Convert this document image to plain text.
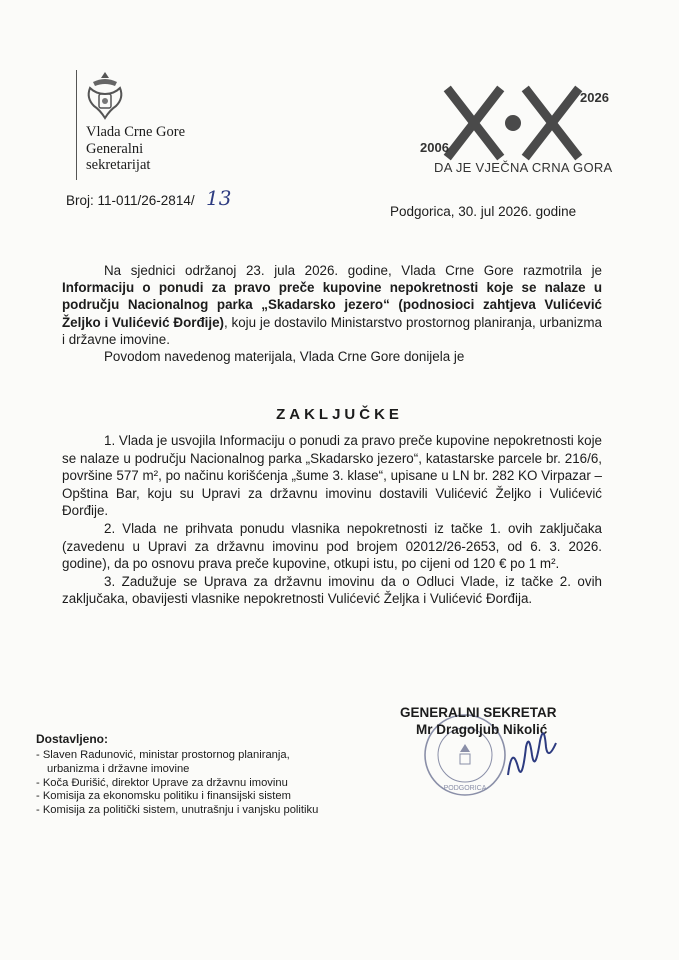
Vlada Crne Gore
Generalni
sekretarijat
2006
2026
DA JE VJEČNA CRNA GORA
Broj: 11-011/26-2814/ 13
Podgorica, 30. jul 2026. godine
Na sjednici održanoj 23. jula 2026. godine, Vlada Crne Gore razmotrila je Informaciju o ponudi za pravo preče kupovine nepokretnosti koje se nalaze u području Nacionalnog parka „Skadarsko jezero“ (podnosioci zahtjeva Vulićević Željko i Vulićević Đorđije), koju je dostavilo Ministarstvo prostornog planiranja, urbanizma i državne imovine.
Povodom navedenog materijala, Vlada Crne Gore donijela je
ZAKLJUČKE

1. Vlada je usvojila Informaciju o ponudi za pravo preče kupovine nepokretnosti koje se nalaze u području Nacionalnog parka „Skadarsko jezero“, katastarske parcele br. 216/6, površine 577 m², po načinu korišćenja „šume 3. klase“, upisane u LN br. 282 KO Virpazar – Opština Bar, koju su Upravi za državnu imovinu dostavili Vulićević Željko i Vulićević Đorđije.

2. Vlada ne prihvata ponudu vlasnika nepokretnosti iz tačke 1. ovih zaključaka (zavedenu u Upravi za državnu imovinu pod brojem 02012/26-2653, od 6. 3. 2026. godine), da po osnovu prava preče kupovine, otkupi istu, po cijeni od 120 € po 1 m².

3. Zadužuje se Uprava za državnu imovinu da o Odluci Vlade, iz tačke 2. ovih zaključaka, obavijesti vlasnike nepokretnosti Vulićević Željka i Vulićević Đorđija.

PODGORICA
GENERALNI SEKRETAR
Mr Dragoljub Nikolić
Dostavljeno:
- Slaven Radunović, ministar prostornog planiranja,
urbanizma i državne imovine
- Koča Đurišić, direktor Uprave za državnu imovinu
- Komisija za ekonomsku politiku i finansijski sistem
- Komisija za politički sistem, unutrašnju i vanjsku politiku
